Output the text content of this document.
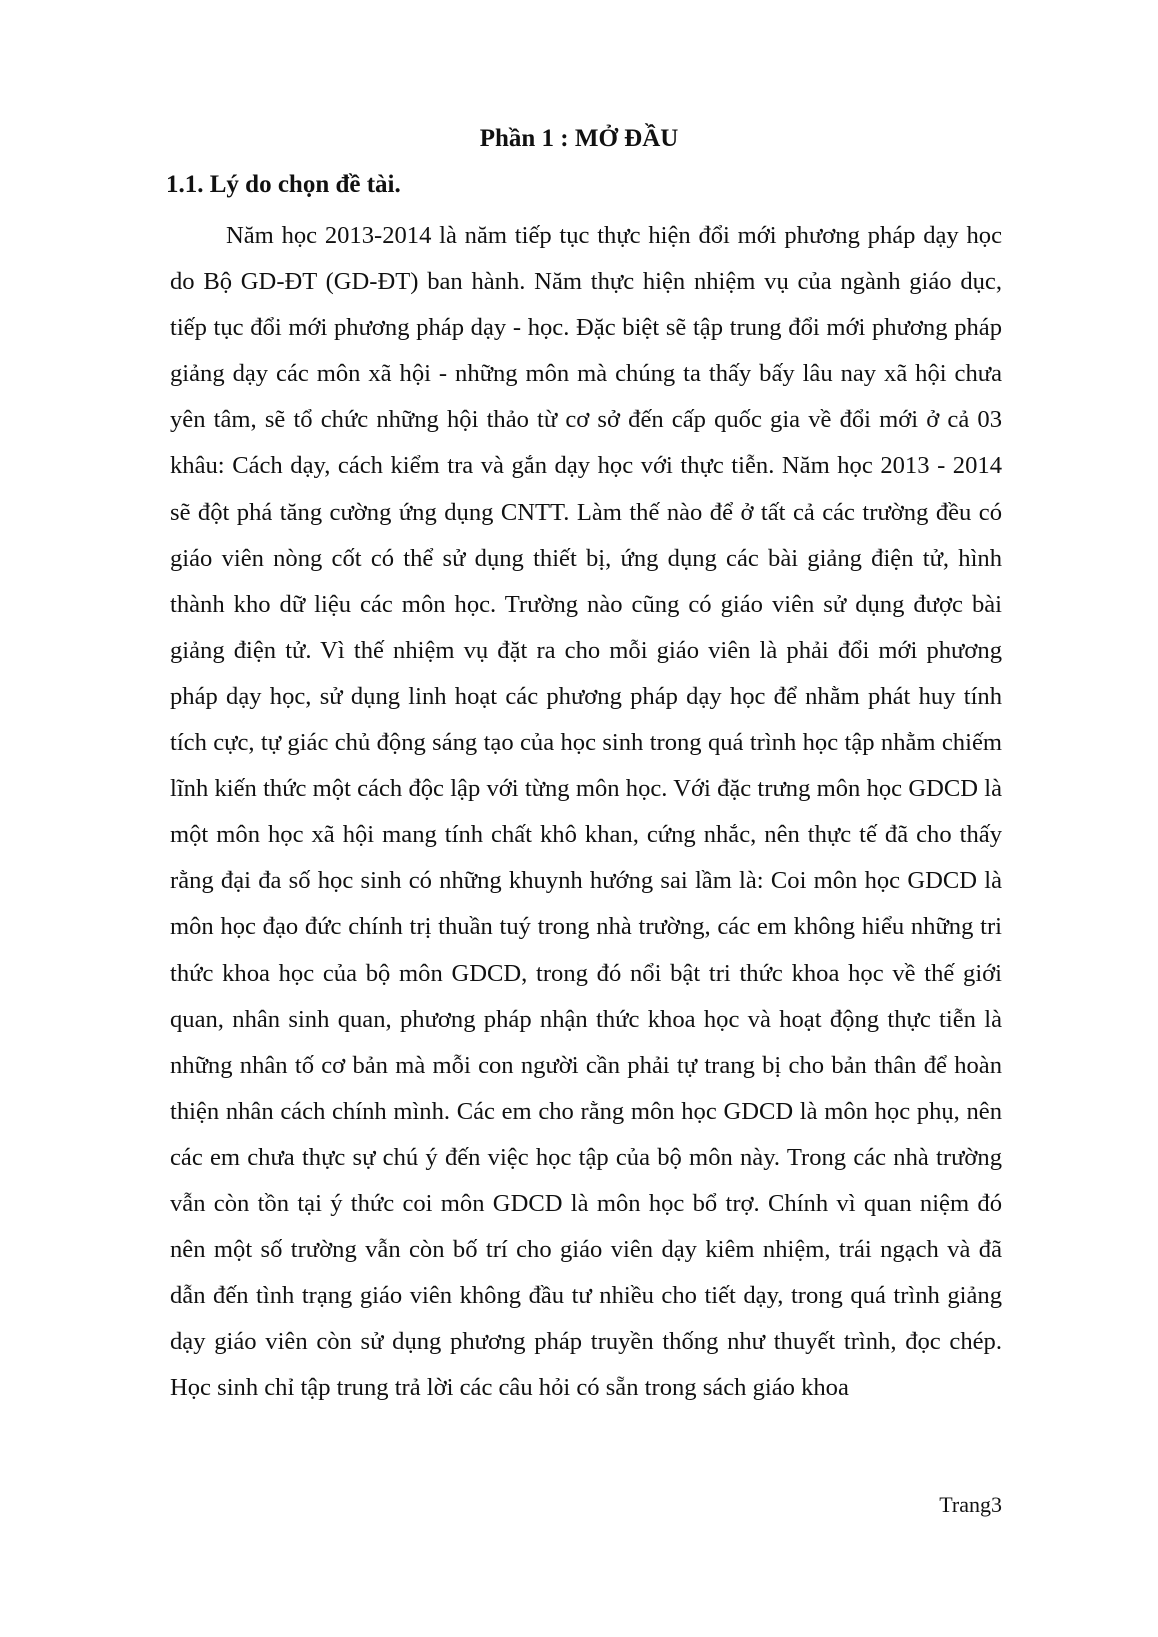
Phần 1 : MỞ ĐẦU
1.1. Lý do chọn đề tài.

Năm học 2013-2014 là năm tiếp tục thực hiện đổi mới phương pháp dạy học do Bộ GD-ĐT (GD-ĐT) ban hành. Năm thực hiện nhiệm vụ của ngành giáo dục, tiếp tục đổi mới phương pháp dạy - học. Đặc biệt sẽ tập trung đổi mới phương pháp giảng dạy các môn xã hội - những môn mà chúng ta thấy bấy lâu nay xã hội chưa yên tâm, sẽ tổ chức những hội thảo từ cơ sở đến cấp quốc gia về đổi mới ở cả 03 khâu: Cách dạy, cách kiểm tra và gắn dạy học với thực tiễn. Năm học 2013 - 2014 sẽ đột phá tăng cường ứng dụng CNTT. Làm thế nào để ở tất cả các trường đều có giáo viên nòng cốt có thể sử dụng thiết bị, ứng dụng các bài giảng điện tử, hình thành kho dữ liệu các môn học. Trường nào cũng có giáo viên sử dụng được bài giảng điện tử. Vì thế nhiệm vụ đặt ra cho mỗi giáo viên là phải đổi mới phương pháp dạy học, sử dụng linh hoạt các phương pháp dạy học để nhằm phát huy tính tích cực, tự giác chủ động sáng tạo của học sinh trong quá trình học tập nhằm chiếm lĩnh kiến thức một cách độc lập với từng môn học. Với đặc trưng môn học GDCD là một môn học xã hội mang tính chất khô khan, cứng nhắc, nên thực tế đã cho thấy rằng đại đa số học sinh có những khuynh hướng sai lầm là: Coi môn học GDCD là môn học đạo đức chính trị thuần tuý trong nhà trường, các em không hiểu những tri thức khoa học của bộ môn GDCD, trong đó nổi bật tri thức khoa học về thế giới quan, nhân sinh quan, phương pháp nhận thức khoa học và hoạt động thực tiễn là những nhân tố cơ bản mà mỗi con người cần phải tự trang bị cho bản thân để hoàn thiện nhân cách chính mình. Các em cho rằng môn học GDCD là môn học phụ, nên các em chưa thực sự chú ý đến việc học tập của bộ môn này. Trong các nhà trường vẫn còn tồn tại ý thức coi môn GDCD là môn học bổ trợ. Chính vì quan niệm đó nên một số trường vẫn còn bố trí cho giáo viên dạy kiêm nhiệm, trái ngạch và đã dẫn đến tình trạng giáo viên không đầu tư nhiều cho tiết dạy, trong quá trình giảng dạy giáo viên còn sử dụng phương pháp truyền thống như thuyết trình, đọc chép. Học sinh chỉ tập trung trả lời các câu hỏi có sẵn trong sách giáo khoa

Trang3
